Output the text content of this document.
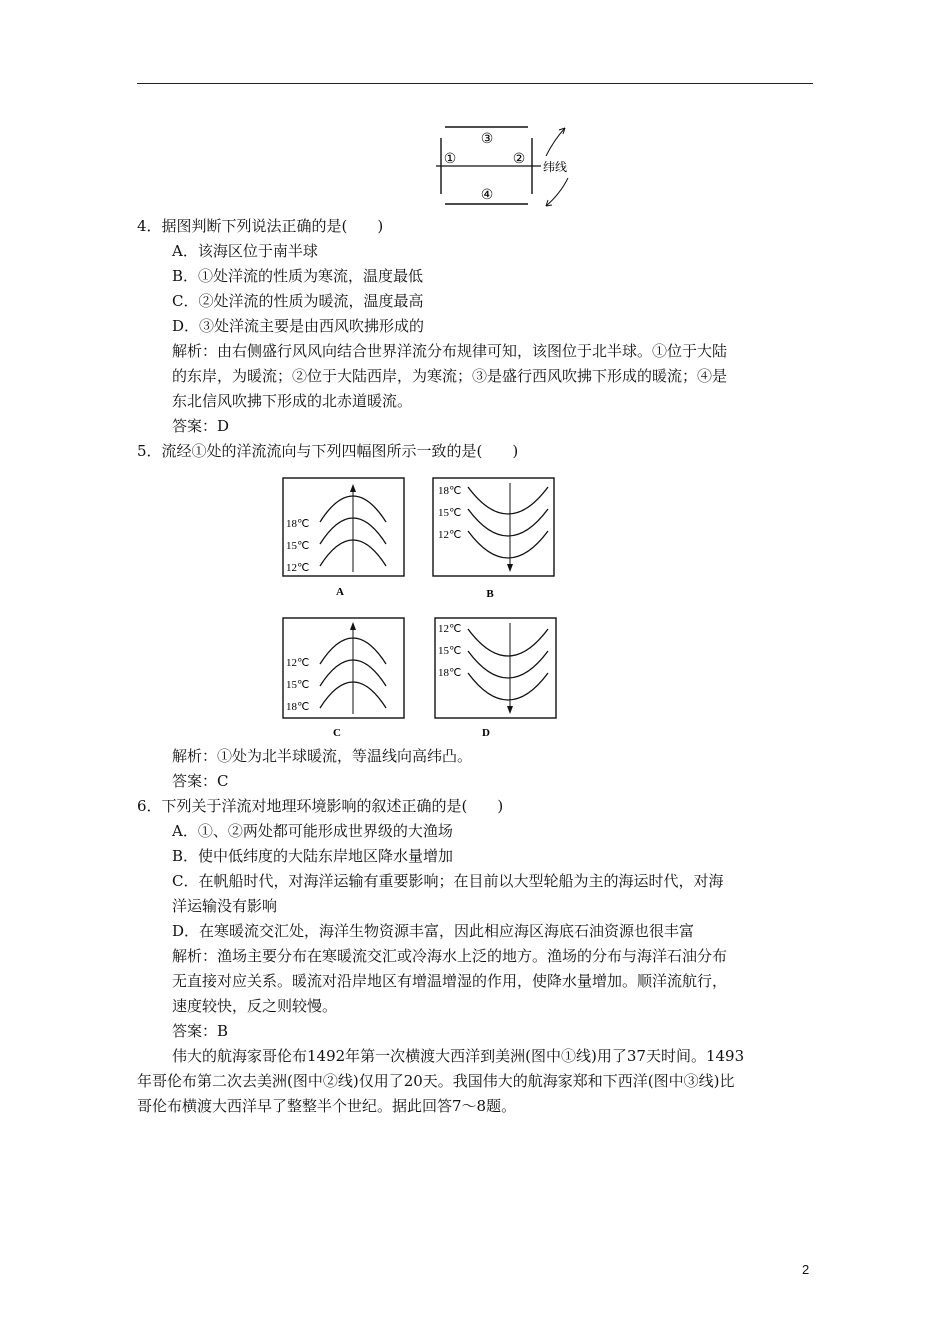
③
①	②
④
纬线
4．据图判断下列说法正确的是(　　)
A．该海区位于南半球
B．①处洋流的性质为寒流，温度最低
C．②处洋流的性质为暖流，温度最高
D．③处洋流主要是由西风吹拂形成的
解析：由右侧盛行风风向结合世界洋流分布规律可知，该图位于北半球。①位于大陆
的东岸，为暖流；②位于大陆西岸，为寒流；③是盛行西风吹拂下形成的暖流；④是
东北信风吹拂下形成的北赤道暖流。
答案：D
5．流经①处的洋流流向与下列四幅图所示一致的是(　　)
18℃
15℃
12℃
A
18℃
15℃
12℃
B
12℃
15℃
18℃
C
12℃
15℃
18℃
D
解析：①处为北半球暖流，等温线向高纬凸。
答案：C
6．下列关于洋流对地理环境影响的叙述正确的是(　　)
A．①、②两处都可能形成世界级的大渔场
B．使中低纬度的大陆东岸地区降水量增加
C．在帆船时代，对海洋运输有重要影响；在目前以大型轮船为主的海运时代，对海
洋运输没有影响
D．在寒暖流交汇处，海洋生物资源丰富，因此相应海区海底石油资源也很丰富
解析：渔场主要分布在寒暖流交汇或冷海水上泛的地方。渔场的分布与海洋石油分布
无直接对应关系。暖流对沿岸地区有增温增湿的作用，使降水量增加。顺洋流航行，
速度较快，反之则较慢。
答案：B
伟大的航海家哥伦布1492年第一次横渡大西洋到美洲(图中①线)用了37天时间。1493
年哥伦布第二次去美洲(图中②线)仅用了20天。我国伟大的航海家郑和下西洋(图中③线)比
哥伦布横渡大西洋早了整整半个世纪。据此回答7～8题。
2
